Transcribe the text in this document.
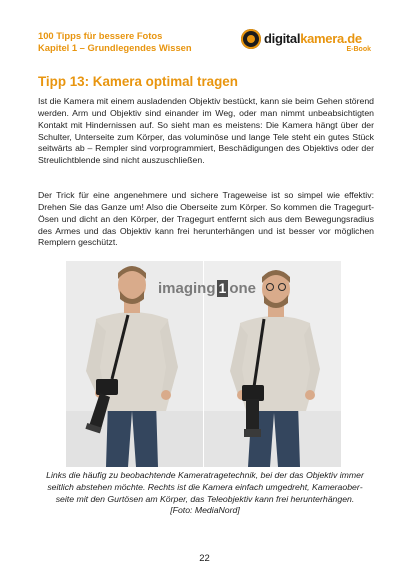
100 Tipps für bessere Fotos
Kapitel 1 – Grundlegendes Wissen
digitalkamera.de
E-Book
Tipp 13: Kamera optimal tragen

Ist die Kamera mit einem ausladenden Objektiv bestückt, kann sie beim Gehen störend werden. Arm und Objektiv sind einander im Weg, oder man nimmt unbeabsichtigten Kontakt mit Hindernissen auf. So sieht man es meistens: Die Kamera hängt über der Schulter, Unterseite zum Körper, das voluminöse und lange Tele steht ein gutes Stück seitwärts ab – Rempler sind vorprogrammiert, Beschädigungen des Objektivs oder der Streulichtblende sind nicht auszuschließen.

Der Trick für eine angenehmere und sichere Trageweise ist so simpel wie effektiv: Drehen Sie das Ganze um! Also die Oberseite zum Körper. So kommen die Tragegurt-Ösen und dicht an den Körper, der Tragegurt entfernt sich aus dem Bewegungsradius des Armes und das Objektiv kann frei herunterhängen und ist besser vor möglichen Remplern geschützt.

imaging 1 one

Links die häufig zu beobachtende Kameratragetechnik, bei der das Objektiv immer seitlich abstehen möchte. Rechts ist die Kamera einfach umgedreht, Kameraoberseite mit den Gurtösen am Körper, das Teleobjektiv kann frei herunterhängen. [Foto: MediaNord]

22
